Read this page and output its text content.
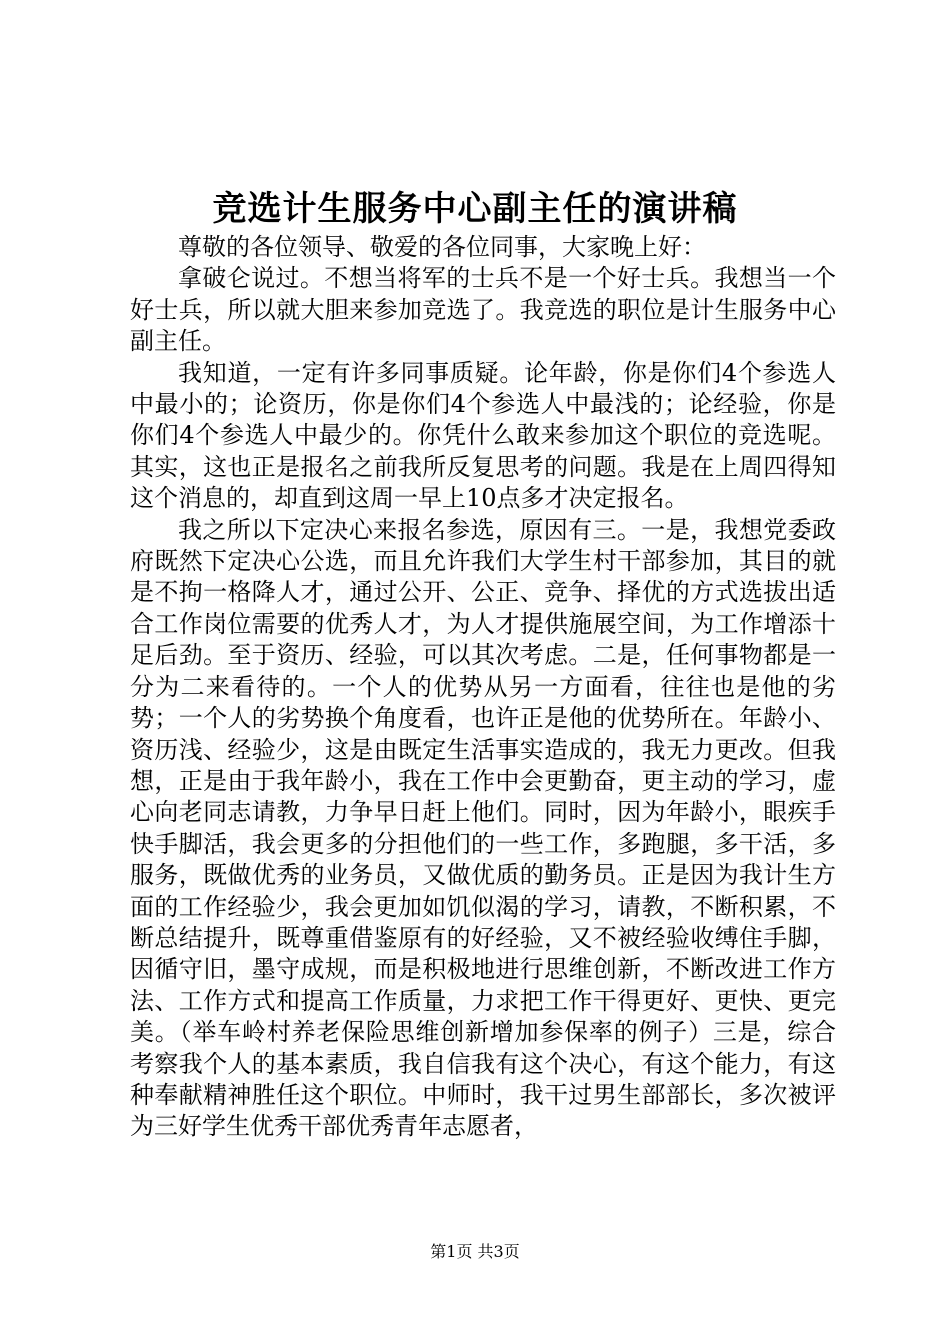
竞选计生服务中心副主任的演讲稿

尊敬的各位领导、敬爱的各位同事，大家晚上好：

拿破仑说过。不想当将军的士兵不是一个好士兵。我想当一个好士兵，所以就大胆来参加竞选了。我竞选的职位是计生服务中心副主任。

我知道，一定有许多同事质疑。论年龄，你是你们4个参选人中最小的；论资历，你是你们4个参选人中最浅的；论经验，你是你们4个参选人中最少的。你凭什么敢来参加这个职位的竞选呢。其实，这也正是报名之前我所反复思考的问题。我是在上周四得知这个消息的，却直到这周一早上10点多才决定报名。

我之所以下定决心来报名参选，原因有三。一是，我想党委政府既然下定决心公选，而且允许我们大学生村干部参加，其目的就是不拘一格降人才，通过公开、公正、竞争、择优的方式选拔出适合工作岗位需要的优秀人才，为人才提供施展空间，为工作增添十足后劲。至于资历、经验，可以其次考虑。二是，任何事物都是一分为二来看待的。一个人的优势从另一方面看，往往也是他的劣势；一个人的劣势换个角度看，也许正是他的优势所在。年龄小、资历浅、经验少，这是由既定生活事实造成的，我无力更改。但我想，正是由于我年龄小，我在工作中会更勤奋，更主动的学习，虚心向老同志请教，力争早日赶上他们。同时，因为年龄小，眼疾手快手脚活，我会更多的分担他们的一些工作，多跑腿，多干活，多服务，既做优秀的业务员，又做优质的勤务员。正是因为我计生方面的工作经验少，我会更加如饥似渴的学习，请教，不断积累，不断总结提升，既尊重借鉴原有的好经验，又不被经验收缚住手脚，因循守旧，墨守成规，而是积极地进行思维创新，不断改进工作方法、工作方式和提高工作质量，力求把工作干得更好、更快、更完美。（举车岭村养老保险思维创新增加参保率的例子）三是，综合考察我个人的基本素质，我自信我有这个决心，有这个能力，有这种奉献精神胜任这个职位。中师时，我干过男生部部长，多次被评为三好学生优秀干部优秀青年志愿者，

第1页 共3页
